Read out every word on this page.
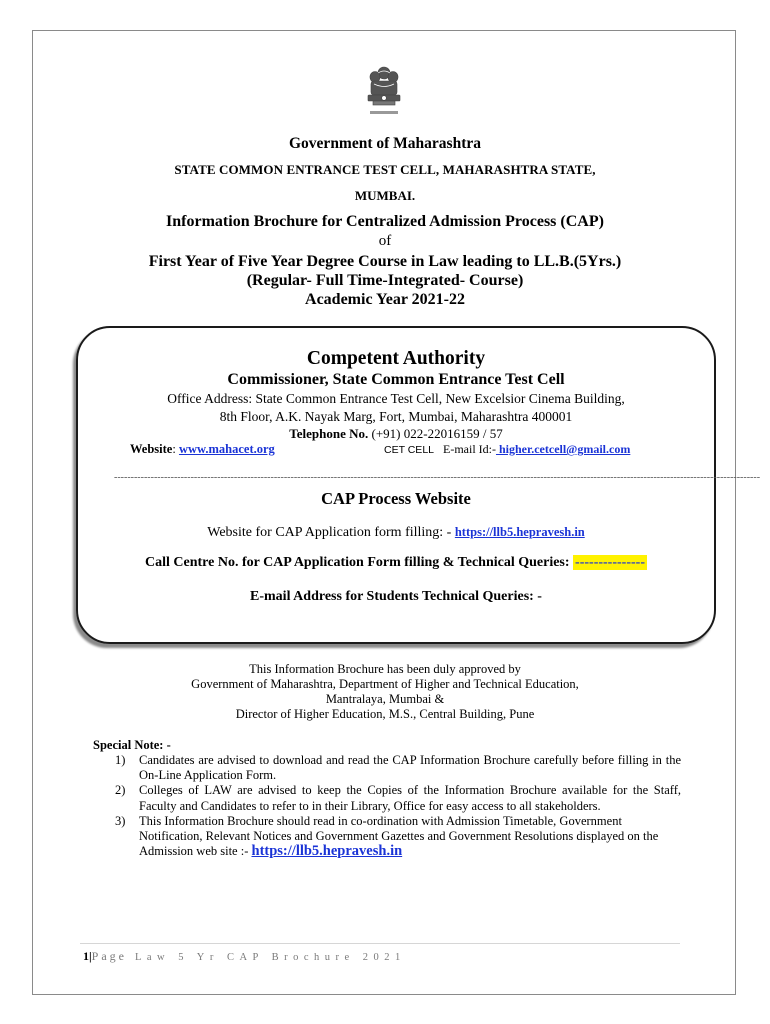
Government of Maharashtra
STATE COMMON ENTRANCE TEST CELL, MAHARASHTRA STATE,
MUMBAI.
Information Brochure for Centralized Admission Process (CAP)
of
First Year of Five Year Degree Course in Law leading to LL.B.(5Yrs.)
(Regular- Full Time-Integrated- Course)
Academic Year 2021-22
Competent Authority
Commissioner, State Common Entrance Test Cell
Office Address: State Common Entrance Test Cell, New Excelsior Cinema Building,
8th Floor, A.K. Nayak Marg, Fort, Mumbai, Maharashtra 400001
Telephone No. (+91) 022-22016159 / 57
Website: www.mahacet.org	CET CELL E-mail Id:- higher.cetcell@gmail.com
--------------------------------------------------------------------------------------------------------------------------------------------------------------------------------------------------
CAP Process Website
Website for CAP Application form filling: - https://llb5.hepravesh.in
Call Centre No. for CAP Application Form filling & Technical Queries: ---------------
E-mail Address for Students Technical Queries: -
This Information Brochure has been duly approved by
Government of Maharashtra, Department of Higher and Technical Education,
Mantralaya, Mumbai &
Director of Higher Education, M.S., Central Building, Pune
Special Note: -
1) Candidates are advised to download and read the CAP Information Brochure carefully before filling in the On-Line Application Form.
2) Colleges of LAW are advised to keep the Copies of the Information Brochure available for the Staff, Faculty and Candidates to refer to in their Library, Office for easy access to all stakeholders.
3) This Information Brochure should read in co-ordination with Admission Timetable, Government Notification, Relevant Notices and Government Gazettes and Government Resolutions displayed on the Admission web site :- https://llb5.hepravesh.in
1|Page Law 5 Yr CAP Brochure 2021
